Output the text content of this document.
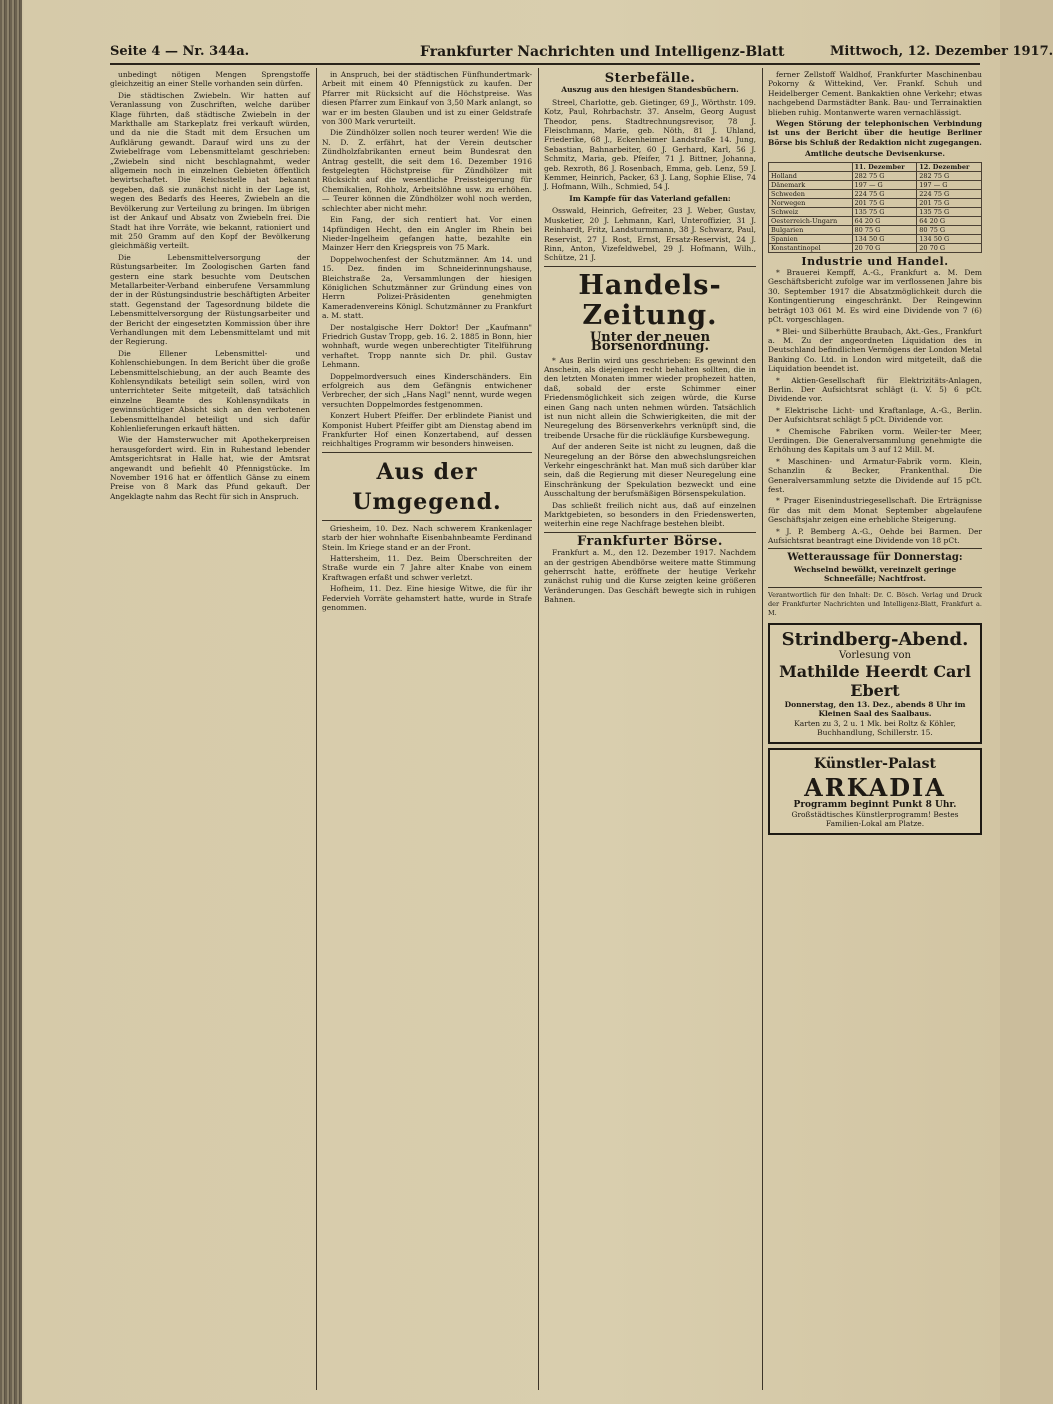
Seite 4 — Nr. 344a.	Frankfurter Nachrichten und Intelligenz-Blatt	Mittwoch, 12. Dezember 1917.

unbedingt nötigen Mengen Sprengstoffe gleichzeitig an einer Stelle vorhanden sein dürfen.

Die städtischen Zwiebeln. Wir hatten auf Veranlassung von Zuschriften, welche darüber Klage führten, daß städtische Zwiebeln in der Markthalle am Starkeplatz frei verkauft würden, und da nie die Stadt mit dem Ersuchen um Aufklärung gewandt. Darauf wird uns zu der Zwiebelfrage vom Lebensmittelamt geschrieben: „Zwiebeln sind nicht beschlagnahmt, weder allgemein noch in einzelnen Gebieten öffentlich bewirtschaftet. Die Reichsstelle hat bekannt gegeben, daß sie zunächst nicht in der Lage ist, wegen des Bedarfs des Heeres, Zwiebeln an die Bevölkerung zur Verteilung zu bringen. Im übrigen ist der Ankauf und Absatz von Zwiebeln frei. Die Stadt hat ihre Vorräte, wie bekannt, rationiert und mit 250 Gramm auf den Kopf der Bevölkerung gleichmäßig verteilt.

Die Lebensmittelversorgung der Rüstungsarbeiter. Im Zoologischen Garten fand gestern eine stark besuchte vom Deutschen Metallarbeiter-Verband einberufene Versammlung der in der Rüstungsindustrie beschäftigten Arbeiter statt. Gegenstand der Tagesordnung bildete die Lebensmittelversorgung der Rüstungsarbeiter und der Bericht der eingesetzten Kommission über ihre Verhandlungen mit dem Lebensmittelamt und mit der Regierung.

Die Ellener Lebensmittel- und Kohlenschiebungen. In dem Bericht über die große Lebensmittelschiebung, an der auch Beamte des Kohlensyndikats beteiligt sein sollen, wird von unterrichteter Seite mitgeteilt, daß tatsächlich einzelne Beamte des Kohlensyndikats in gewinnsüchtiger Absicht sich an den verbotenen Lebensmittelhandel beteiligt und sich dafür Kohlenlieferungen erkauft hätten.

Wie der Hamsterwucher mit Apothekerpreisen herausgefordert wird. Ein in Ruhestand lebender Amtsgerichtsrat in Halle hat, wie der Amtsrat angewandt und befiehlt 40 Pfennigstücke. Im November 1916 hat er öffentlich Gänse zu einem Preise von 8 Mark das Pfund gekauft. Der Angeklagte nahm das Recht für sich in Anspruch.

in Anspruch, bei der städtischen Fünfhundertmark-Arbeit mit einem 40 Pfennigstück zu kaufen. Der Pfarrer mit Rücksicht auf die Höchstpreise. Was diesen Pfarrer zum Einkauf von 3,50 Mark anlangt, so war er im besten Glauben und ist zu einer Geldstrafe von 300 Mark verurteilt.

Die Zündhölzer sollen noch teurer werden! Wie die N. D. Z. erfährt, hat der Verein deutscher Zündholzfabrikanten erneut beim Bundesrat den Antrag gestellt, die seit dem 16. Dezember 1916 festgelegten Höchstpreise für Zündhölzer mit Rücksicht auf die wesentliche Preissteigerung für Chemikalien, Rohholz, Arbeitslöhne usw. zu erhöhen. — Teurer können die Zündhölzer wohl noch werden, schlechter aber nicht mehr.

Ein Fang, der sich rentiert hat. Vor einen 14pfündigen Hecht, den ein Angler im Rhein bei Nieder-Ingelheim gefangen hatte, bezahlte ein Mainzer Herr den Kriegspreis von 75 Mark.

Doppelwochenfest der Schutzmänner. Am 14. und 15. Dez. finden im Schneiderinnungshause, Bleichstraße 2a, Versammlungen der hiesigen Königlichen Schutzmänner zur Gründung eines von Herrn Polizei-Präsidenten genehmigten Kameradenvereins Königl. Schutzmänner zu Frankfurt a. M. statt.

Der nostalgische Herr Doktor! Der „Kaufmann" Friedrich Gustav Tropp, geb. 16. 2. 1885 in Bonn, hier wohnhaft, wurde wegen unberechtigter Titelführung verhaftet. Tropp nannte sich Dr. phil. Gustav Lehmann.

Doppelmordversuch eines Kinderschänders. Ein erfolgreich aus dem Gefängnis entwichener Verbrecher, der sich „Hans Nagl" nennt, wurde wegen versuchten Doppelmordes festgenommen.

Konzert Hubert Pfeiffer. Der erblindete Pianist und Komponist Hubert Pfeiffer gibt am Dienstag abend im Frankfurter Hof einen Konzertabend, auf dessen reichhaltiges Programm wir besonders hinweisen.

Aus der Umgegend.

Griesheim, 10. Dez. Nach schwerem Krankenlager starb der hier wohnhafte Eisenbahnbeamte Ferdinand Stein. Im Kriege stand er an der Front.

Hattersheim, 11. Dez. Beim Überschreiten der Straße wurde ein 7 Jahre alter Knabe von einem Kraftwagen erfaßt und schwer verletzt.

Hofheim, 11. Dez. Eine hiesige Witwe, die für ihr Federvieh Vorräte gehamstert hatte, wurde in Strafe genommen.

Sterbefälle.
Auszug aus den hiesigen Standesbüchern.

Streel, Charlotte, geb. Gietinger, 69 J., Wörthstr. 109. Kotz, Paul, Rohrbachstr. 37. Anselm, Georg August Theodor, pens. Stadtrechnungsrevisor, 78 J. Fleischmann, Marie, geb. Nöth, 81 J. Uhland, Friederike, 68 J., Eckenheimer Landstraße 14. Jung, Sebastian, Bahnarbeiter, 60 J. Gerhard, Karl, 56 J. Schmitz, Maria, geb. Pfeifer, 71 J. Bittner, Johanna, geb. Rexroth, 86 J. Rosenbach, Emma, geb. Lenz, 59 J. Kemmer, Heinrich, Packer, 63 J. Lang, Sophie Elise, 74 J. Hofmann, Wilh., Schmied, 54 J.

Im Kampfe für das Vaterland gefallen:

Osswald, Heinrich, Gefreiter, 23 J. Weber, Gustav, Musketier, 20 J. Lehmann, Karl, Unteroffizier, 31 J. Reinhardt, Fritz, Landsturmmann, 38 J. Schwarz, Paul, Reservist, 27 J. Rost, Ernst, Ersatz-Reservist, 24 J. Rinn, Anton, Vizefeldwebel, 29 J. Hofmann, Wilh., Schütze, 21 J.

Handels-Zeitung.
Unter der neuen Börsenordnung.

* Aus Berlin wird uns geschrieben: Es gewinnt den Anschein, als diejenigen recht behalten sollten, die in den letzten Monaten immer wieder prophezeit hatten, daß, sobald der erste Schimmer einer Friedensmöglichkeit sich zeigen würde, die Kurse einen Gang nach unten nehmen würden. Tatsächlich ist nun nicht allein die Schwierigkeiten, die mit der Neuregelung des Börsenverkehrs verknüpft sind, die treibende Ursache für die rückläufige Kursbewegung.

Auf der anderen Seite ist nicht zu leugnen, daß die Neuregelung an der Börse den abwechslungsreichen Verkehr eingeschränkt hat. Man muß sich darüber klar sein, daß die Regierung mit dieser Neuregelung eine Einschränkung der Spekulation bezweckt und eine Ausschaltung der berufsmäßigen Börsenspekulation.

Das schließt freilich nicht aus, daß auf einzelnen Marktgebieten, so besonders in den Friedenswerten, weiterhin eine rege Nachfrage bestehen bleibt.

Frankfurter Börse.

Frankfurt a. M., den 12. Dezember 1917. Nachdem an der gestrigen Abendbörse weitere matte Stimmung geherrscht hatte, eröffnete der heutige Verkehr zunächst ruhig und die Kurse zeigten keine größeren Veränderungen. Das Geschäft bewegte sich in ruhigen Bahnen.

ferner Zellstoff Waldhof, Frankfurter Maschinenbau Pokorny & Wittekind, Ver. Frankf. Schuh und Heidelberger Cement. Bankaktien ohne Verkehr; etwas nachgebend Darmstädter Bank. Bau- und Terrainaktien blieben ruhig. Montanwerte waren vernachlässigt.

Wegen Störung der telephonischen Verbindung ist uns der Bericht über die heutige Berliner Börse bis Schluß der Redaktion nicht zugegangen.

Amtliche deutsche Devisenkurse.
	11. Dezember	12. Dezember
Holland	282 75 G	282 75 G
Dänemark	197 — G	197 — G
Schweden	224 75 G	224 75 G
Norwegen	201 75 G	201 75 G
Schweiz	135 75 G	135 75 G
Oesterreich-Ungarn	64 20 G	64 20 G
Bulgarien	80 75 G	80 75 G
Spanien	134 50 G	134 50 G
Konstantinopel	20 70 G	20 70 G
Industrie und Handel.

* Brauerei Kempff, A.-G., Frankfurt a. M. Dem Geschäftsbericht zufolge war im verflossenen Jahre bis 30. September 1917 die Absatzmöglichkeit durch die Kontingentierung eingeschränkt. Der Reingewinn beträgt 103 061 M. Es wird eine Dividende von 7 (6) pCt. vorgeschlagen.

* Blei- und Silberhütte Braubach, Akt.-Ges., Frankfurt a. M. Zu der angeordneten Liquidation des in Deutschland befindlichen Vermögens der London Metal Banking Co. Ltd. in London wird mitgeteilt, daß die Liquidation beendet ist.

* Aktien-Gesellschaft für Elektrizitäts-Anlagen, Berlin. Der Aufsichtsrat schlägt (i. V. 5) 6 pCt. Dividende vor.

* Elektrische Licht- und Kraftanlage, A.-G., Berlin. Der Aufsichtsrat schlägt 5 pCt. Dividende vor.

* Chemische Fabriken vorm. Weiler-ter Meer, Uerdingen. Die Generalversammlung genehmigte die Erhöhung des Kapitals um 3 auf 12 Mill. M.

* Maschinen- und Armatur-Fabrik vorm. Klein, Schanzlin & Becker, Frankenthal. Die Generalversammlung setzte die Dividende auf 15 pCt. fest.

* Prager Eisenindustriegesellschaft. Die Erträgnisse für das mit dem Monat September abgelaufene Geschäftsjahr zeigen eine erhebliche Steigerung.

* J. P. Bemberg A.-G., Oehde bei Barmen. Der Aufsichtsrat beantragt eine Dividende von 18 pCt.

Wetteraussage für Donnerstag:

Wechselnd bewölkt, vereinzelt geringe Schneefälle; Nachtfrost.

Verantwortlich für den Inhalt: Dr. C. Bösch. Verlag und Druck der Frankfurter Nachrichten und Intelligenz-Blatt, Frankfurt a. M.

Strindberg-Abend.
Vorlesung von
Mathilde Heerdt Carl Ebert
Donnerstag, den 13. Dez., abends 8 Uhr im Kleinen Saal des Saalbaus.
Karten zu 3, 2 u. 1 Mk. bei Roltz & Köhler, Buchhandlung, Schillerstr. 15.
Künstler-Palast
ARKADIA
Programm beginnt Punkt 8 Uhr.
Großstädtisches Künstlerprogramm! Bestes Familien-Lokal am Platze.
